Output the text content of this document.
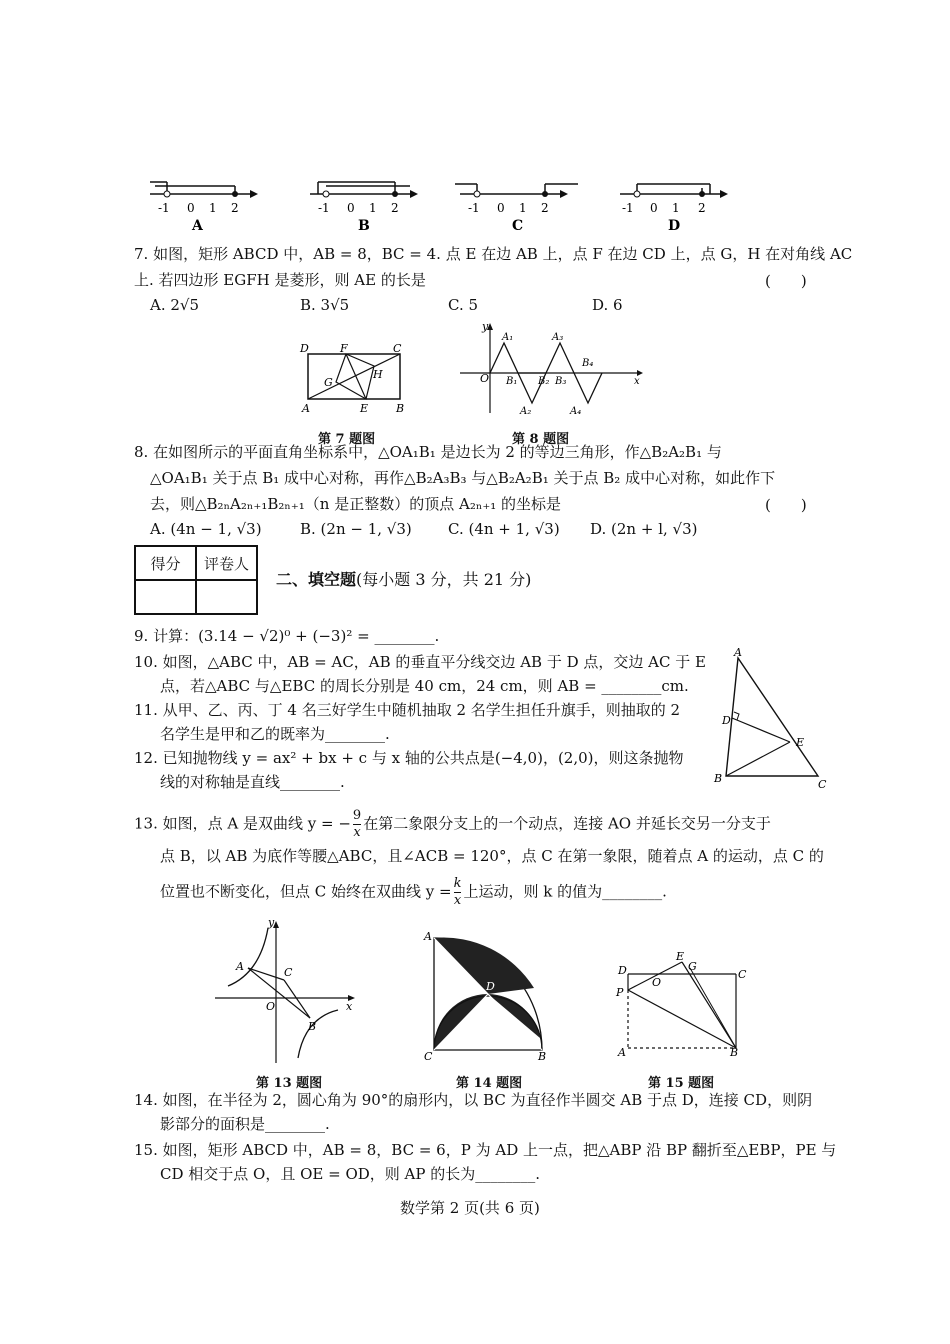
-1 0 1 2
A
-1 0 1 2
B
-1 0 1 2
C
-1 0 1 2
D
7. 如图，矩形 ABCD 中，AB = 8，BC = 4. 点 E 在边 AB 上，点 F 在边 CD 上，点 G，H 在对角线 AC
上. 若四边形 EGFH 是菱形，则 AE 的长是	(　　)
A. 2√5	B. 3√5	C. 5	D. 6
D	F	C
G
H
A	E	B
第 7 题图
y
A₁	A₃
B₄
O B₁ B₂ B₃	x
A₂	A₄
第 8 题图
8. 在如图所示的平面直角坐标系中，△OA₁B₁ 是边长为 2 的等边三角形，作△B₂A₂B₁ 与
△OA₁B₁ 关于点 B₁ 成中心对称，再作△B₂A₃B₃ 与△B₂A₂B₁ 关于点 B₂ 成中心对称，如此作下
去，则△B₂ₙA₂ₙ₊₁B₂ₙ₊₁（n 是正整数）的顶点 A₂ₙ₊₁ 的坐标是	(　　)
A. (4n − 1, √3)	B. (2n − 1, √3) C. (4n + 1, √3) D. (2n + l, √3)
得分	评卷人

二、填空题(每小题 3 分，共 21 分)
9. 计算：(3.14 − √2)⁰ + (−3)² = ________.
10. 如图，△ABC 中，AB = AC，AB 的垂直平分线交边 AB 于 D 点，交边 AC 于 E
点，若△ABC 与△EBC 的周长分别是 40 cm，24 cm，则 AB = ________cm.
11. 从甲、乙、丙、丁 4 名三好学生中随机抽取 2 名学生担任升旗手，则抽取的 2
名学生是甲和乙的既率为________.
12. 已知抛物线 y = ax² + bx + c 与 x 轴的公共点是(−4,0)，(2,0)，则这条抛物
线的对称轴是直线________.
A
D
E
B	C
13. 如图，点 A 是双曲线 y = − $\frac{9}{x}$ 在第二象限分支上的一个动点，连接 AO 并延长交另一分支于
点 B，以 AB 为底作等腰△ABC，且∠ACB = 120°，点 C 在第一象限，随着点 A 的运动，点 C 的
位置也不断变化，但点 C 始终在双曲线 $y = \frac{k}{x}$ 上运动，则 k 的值为________.
y
A	C
O	x
B
第 13 题图
A
D
C	B
第 14 题图
E
G
D	C
O
P
A	B
第 15 题图
14. 如图，在半径为 2，圆心角为 90°的扇形内，以 BC 为直径作半圆交 AB 于点 D，连接 CD，则阴
影部分的面积是________.
15. 如图，矩形 ABCD 中，AB = 8，BC = 6，P 为 AD 上一点，把△ABP 沿 BP 翻折至△EBP，PE 与
CD 相交于点 O，且 OE = OD，则 AP 的长为________.
数学第 2 页(共 6 页)
